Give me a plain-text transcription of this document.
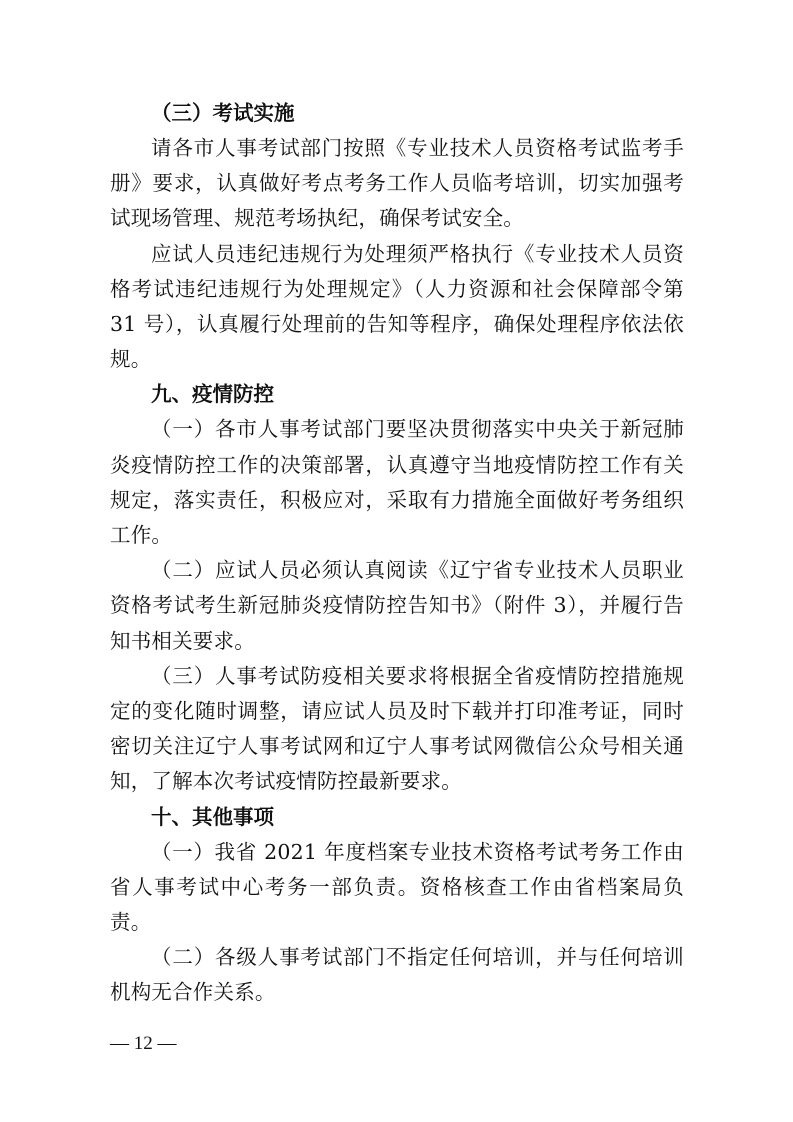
（三）考试实施

请各市人事考试部门按照《专业技术人员资格考试监考手册》要求，认真做好考点考务工作人员临考培训，切实加强考试现场管理、规范考场执纪，确保考试安全。

应试人员违纪违规行为处理须严格执行《专业技术人员资格考试违纪违规行为处理规定》（人力资源和社会保障部令第 31 号），认真履行处理前的告知等程序，确保处理程序依法依规。

九、疫情防控

（一）各市人事考试部门要坚决贯彻落实中央关于新冠肺炎疫情防控工作的决策部署，认真遵守当地疫情防控工作有关规定，落实责任，积极应对，采取有力措施全面做好考务组织工作。

（二）应试人员必须认真阅读《辽宁省专业技术人员职业资格考试考生新冠肺炎疫情防控告知书》（附件 3），并履行告知书相关要求。

（三）人事考试防疫相关要求将根据全省疫情防控措施规定的变化随时调整，请应试人员及时下载并打印准考证，同时密切关注辽宁人事考试网和辽宁人事考试网微信公众号相关通知，了解本次考试疫情防控最新要求。

十、其他事项

（一）我省 2021 年度档案专业技术资格考试考务工作由省人事考试中心考务一部负责。资格核查工作由省档案局负责。

（二）各级人事考试部门不指定任何培训，并与任何培训机构无合作关系。

— 12 —
